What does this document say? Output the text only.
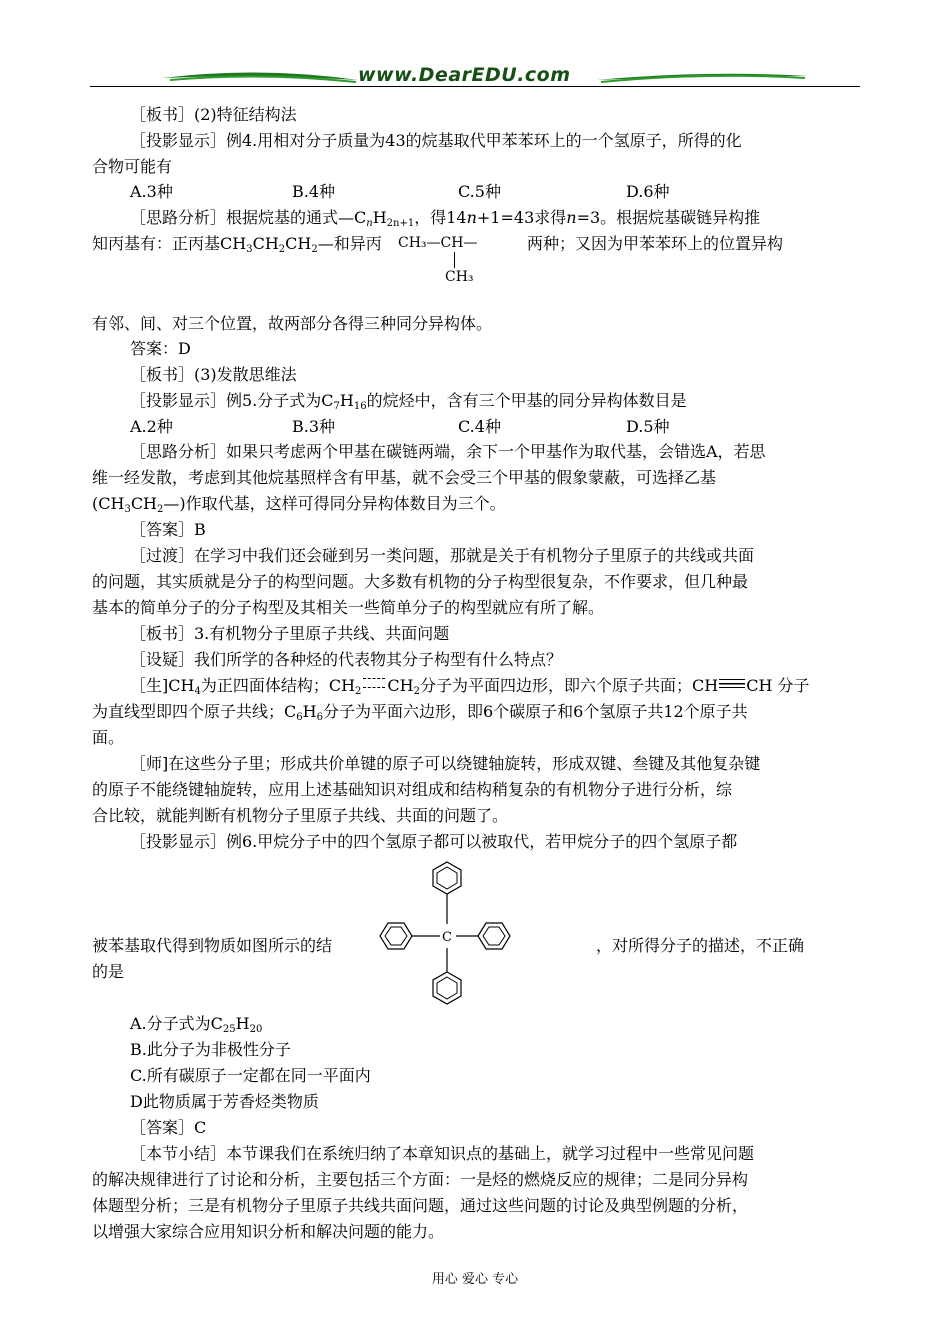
www.DearEDU.com
［板书］(2)特征结构法
［投影显示］例4.用相对分子质量为43的烷基取代甲苯苯环上的一个氢原子，所得的化
合物可能有
A.3种	B.4种	C.5种	D.6种
［思路分析］根据烷基的通式$—C_nH_{2n+1}$，得14n+1=43求得n=3。根据烷基碳链异构推
知丙基有：正丙基$CH_3CH_2CH_2—$和异丙 CH₃—CH—
CH₃
两种；又因为甲苯苯环上的位置异构
有邻、间、对三个位置，故两部分各得三种同分异构体。
答案：D
［板书］(3)发散思维法
［投影显示］例5.分子式为$C_7H_{16}$的烷烃中，含有三个甲基的同分异构体数目是
A.2种	B.3种	C.4种	D.5种
［思路分析］如果只考虑两个甲基在碳链两端，余下一个甲基作为取代基，会错选A，若思
维一经发散，考虑到其他烷基照样含有甲基，就不会受三个甲基的假象蒙蔽，可选择乙基
$(CH_3CH_2—)$作取代基，这样可得同分异构体数目为三个。
［答案］B
［过渡］在学习中我们还会碰到另一类问题，那就是关于有机物分子里原子的共线或共面
的问题，其实质就是分子的构型问题。大多数有机物的分子构型很复杂，不作要求，但几种最
基本的简单分子的分子构型及其相关一些简单分子的构型就应有所了解。
［板书］3.有机物分子里原子共线、共面问题
［设疑］我们所学的各种烃的代表物其分子构型有什么特点？
［生]$CH_4$为正四面体结构；$CH_2$ $CH_2$分子为平面四边形，即六个原子共面；CH CH 分子
为直线型即四个原子共线；$C_6H_6$分子为平面六边形，即6个碳原子和6个氢原子共12个原子共
面。
［师]在这些分子里；形成共价单键的原子可以绕键轴旋转，形成双键、叁键及其他复杂键
的原子不能绕键轴旋转，应用上述基础知识对组成和结构稍复杂的有机物分子进行分析，综
合比较，就能判断有机物分子里原子共线、共面的问题了。
［投影显示］例6.甲烷分子中的四个氢原子都可以被取代，若甲烷分子的四个氢原子都
被苯基取代得到物质如图所示的结	，对所得分子的描述，不正确
的是
C
A.分子式为$C_{25}H_{20}$
B.此分子为非极性分子
C.所有碳原子一定都在同一平面内
D此物质属于芳香烃类物质
［答案］C
［本节小结］本节课我们在系统归纳了本章知识点的基础上，就学习过程中一些常见问题
的解决规律进行了讨论和分析，主要包括三个方面：一是烃的燃烧反应的规律；二是同分异构
体题型分析；三是有机物分子里原子共线共面问题，通过这些问题的讨论及典型例题的分析，
以增强大家综合应用知识分析和解决问题的能力。
用心 爱心 专心
